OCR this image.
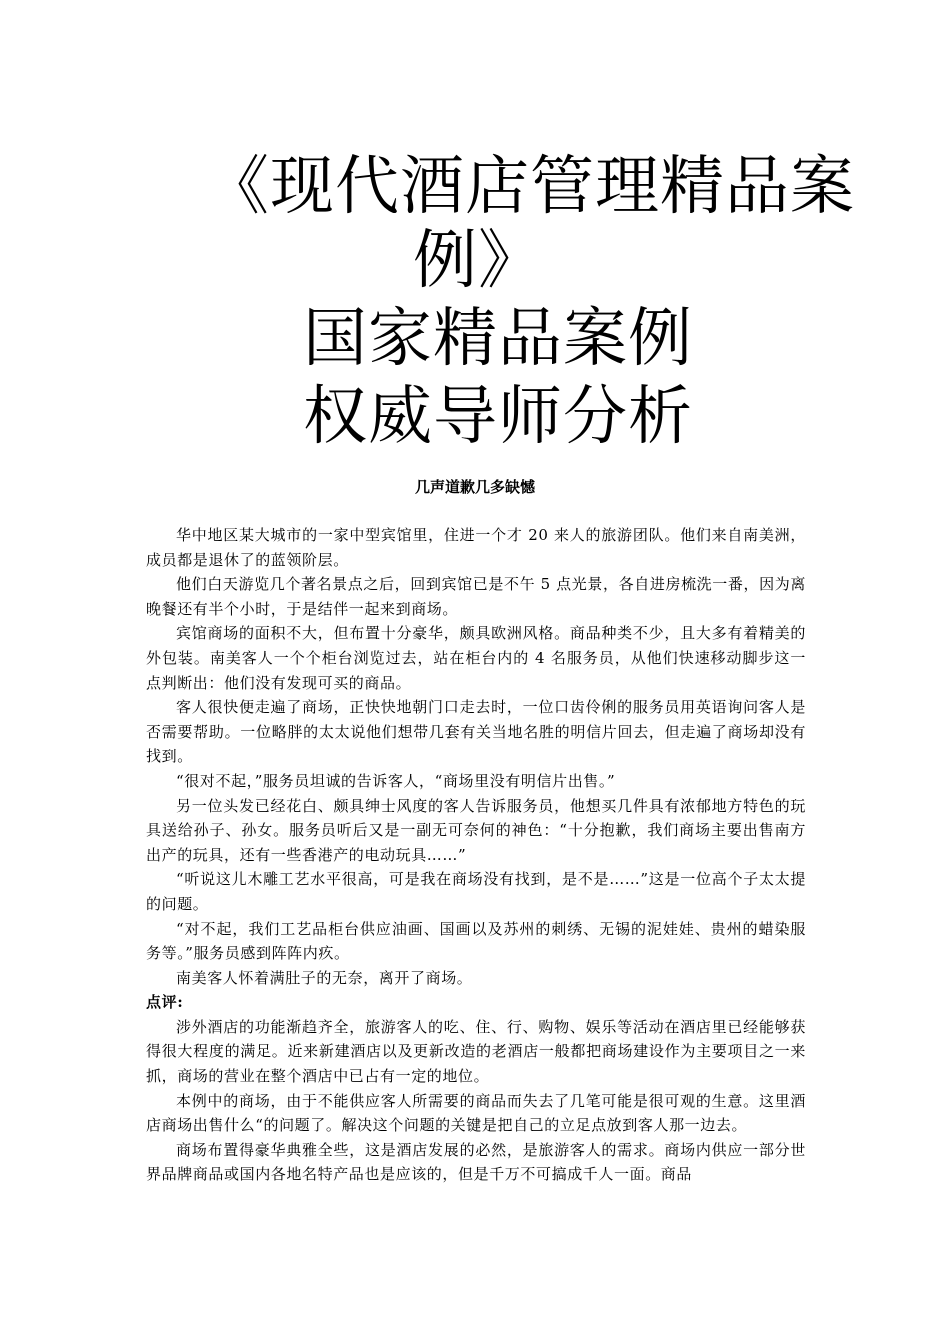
《现代酒店管理精品案
例》
国家精品案例
权威导师分析
几声道歉几多缺憾

华中地区某大城市的一家中型宾馆里，住进一个才 20 来人的旅游团队。他们来自南美洲，成员都是退休了的蓝领阶层。

他们白天游览几个著名景点之后，回到宾馆已是不午 5 点光景，各自进房梳洗一番，因为离晚餐还有半个小时，于是结伴一起来到商场。

宾馆商场的面积不大，但布置十分豪华，颇具欧洲风格。商品种类不少，且大多有着精美的外包装。南美客人一个个柜台浏览过去，站在柜台内的 4 名服务员，从他们快速移动脚步这一点判断出：他们没有发现可买的商品。

客人很快便走遍了商场，正快快地朝门口走去时，一位口齿伶俐的服务员用英语询问客人是否需要帮助。一位略胖的太太说他们想带几套有关当地名胜的明信片回去，但走遍了商场却没有找到。

“很对不起，”服务员坦诚的告诉客人，“商场里没有明信片出售。”

另一位头发已经花白、颇具绅士风度的客人告诉服务员，他想买几件具有浓郁地方特色的玩具送给孙子、孙女。服务员听后又是一副无可奈何的神色：“十分抱歉，我们商场主要出售南方出产的玩具，还有一些香港产的电动玩具……”

“听说这儿木雕工艺水平很高，可是我在商场没有找到，是不是……”这是一位高个子太太提的问题。

“对不起，我们工艺品柜台供应油画、国画以及苏州的刺绣、无锡的泥娃娃、贵州的蜡染服务等。”服务员感到阵阵内疚。

南美客人怀着满肚子的无奈，离开了商场。

点评:

涉外酒店的功能渐趋齐全，旅游客人的吃、住、行、购物、娱乐等活动在酒店里已经能够获得很大程度的满足。近来新建酒店以及更新改造的老酒店一般都把商场建设作为主要项目之一来抓，商场的营业在整个酒店中已占有一定的地位。

本例中的商场，由于不能供应客人所需要的商品而失去了几笔可能是很可观的生意。这里酒店商场出售什么“的问题了。解决这个问题的关键是把自己的立足点放到客人那一边去。

商场布置得豪华典雅全些，这是酒店发展的必然，是旅游客人的需求。商场内供应一部分世界品牌商品或国内各地名特产品也是应该的，但是千万不可搞成千人一面。商品
